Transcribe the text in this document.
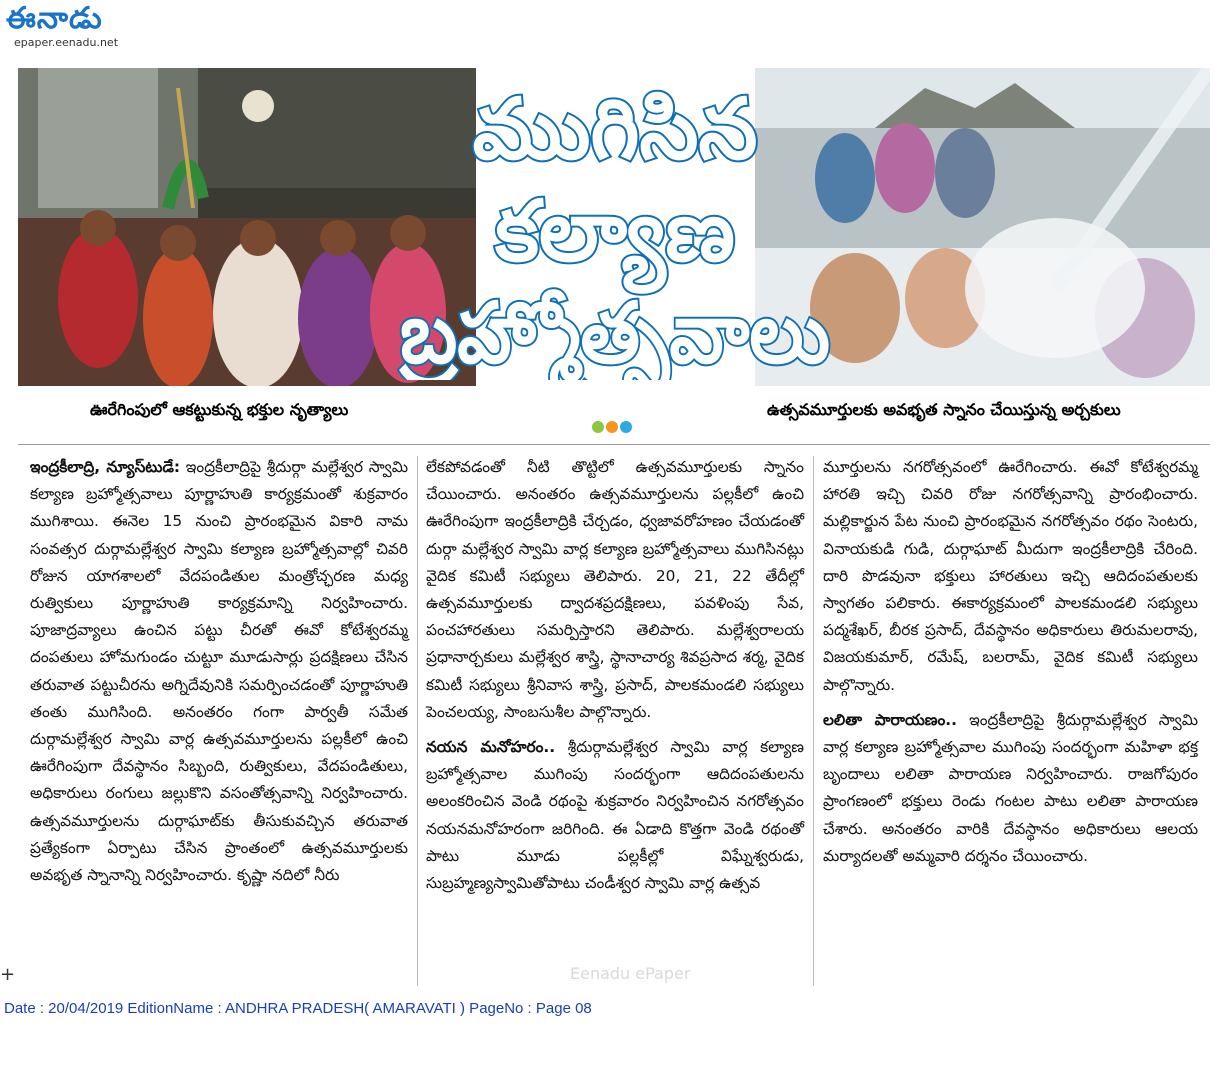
ఈనాడు
epaper.eenadu.net
ముగిసిన
కల్యాణ
బ్రహ్మోత్సవాలు
ఊరేగింపులో ఆకట్టుకున్న భక్తుల నృత్యాలు	ఉత్సవమూర్తులకు అవభృత స్నానం చేయిస్తున్న అర్చకులు

ఇంద్రకీలాద్రి, న్యూస్‌టుడే: ఇంద్రకీలాద్రిపై శ్రీదుర్గా మల్లేశ్వర స్వామి కల్యాణ బ్రహ్మోత్సవాలు పూర్ణాహుతి కార్యక్రమంతో శుక్రవారం ముగిశాయి. ఈనెల 15 నుంచి ప్రారంభమైన వికారి నామ సంవత్సర దుర్గామల్లేశ్వర స్వామి కల్యాణ బ్రహ్మోత్సవాల్లో చివరి రోజున యాగశాలలో వేదపండితుల మంత్రోచ్ఛరణ మధ్య రుత్వికులు పూర్ణాహుతి కార్యక్రమాన్ని నిర్వహించారు. పూజాద్రవ్యాలు ఉంచిన పట్టు చీరతో ఈవో కోటేశ్వరమ్మ దంపతులు హోమగుండం చుట్టూ మూడుసార్లు ప్రదక్షిణలు చేసిన తరువాత పట్టుచీరను అగ్నిదేవునికి సమర్పించడంతో పూర్ణాహుతి తంతు ముగిసింది. అనంతరం గంగా పార్వతీ సమేత దుర్గామల్లేశ్వర స్వామి వార్ల ఉత్సవమూర్తులను పల్లకీలో ఉంచి ఊరేగింపుగా దేవస్థానం సిబ్బంది, రుత్వికులు, వేదపండితులు, అధికారులు రంగులు జల్లుకొని వసంతోత్సవాన్ని నిర్వహించారు. ఉత్సవమూర్తులను దుర్గాఘాట్‌కు తీసుకువచ్చిన తరువాత ప్రత్యేకంగా ఏర్పాటు చేసిన ప్రాంతంలో ఉత్సవమూర్తులకు అవభృత స్నానాన్ని నిర్వహించారు. కృష్ణా నదిలో నీరు

లేకపోవడంతో నీటి తొట్టిలో ఉత్సవమూర్తులకు స్నానం చేయించారు. అనంతరం ఉత్సవమూర్తులను పల్లకీలో ఉంచి ఊరేగింపుగా ఇంద్రకీలాద్రికి చేర్చడం, ధ్వజావరోహణం చేయడంతో దుర్గా మల్లేశ్వర స్వామి వార్ల కల్యాణ బ్రహ్మోత్సవాలు ముగిసినట్లు వైదిక కమిటీ సభ్యులు తెలిపారు. 20, 21, 22 తేదీల్లో ఉత్సవమూర్తులకు ద్వాదశప్రదక్షిణలు, పవళింపు సేవ, పంచహారతులు సమర్పిస్తారని తెలిపారు. మల్లేశ్వరాలయ ప్రధానార్చకులు మల్లేశ్వర శాస్త్రి, స్థానాచార్య శివప్రసాద శర్మ, వైదిక కమిటీ సభ్యులు శ్రీనివాస శాస్త్రి, ప్రసాద్, పాలకమండలి సభ్యులు పెంచలయ్య, సాంబసుశీల పాల్గొన్నారు.

నయన మనోహరం.. శ్రీదుర్గామల్లేశ్వర స్వామి వార్ల కల్యాణ బ్రహ్మోత్సవాల ముగింపు సందర్భంగా ఆదిదంపతులను అలంకరించిన వెండి రథంపై శుక్రవారం నిర్వహించిన నగరోత్సవం నయనమనోహరంగా జరిగింది. ఈ ఏడాది కొత్తగా వెండి రథంతో పాటు మూడు పల్లకీల్లో విఘ్నేశ్వరుడు, సుబ్రహ్మణ్యస్వామితోపాటు చండీశ్వర స్వామి వార్ల ఉత్సవ

మూర్తులను నగరోత్సవంలో ఊరేగించారు. ఈవో కోటేశ్వరమ్మ హారతి ఇచ్చి చివరి రోజు నగరోత్సవాన్ని ప్రారంభించారు. మల్లికార్జున పేట నుంచి ప్రారంభమైన నగరోత్సవం రథం సెంటరు, వినాయకుడి గుడి, దుర్గాఘాట్ మీదుగా ఇంద్రకీలాద్రికి చేరింది. దారి పొడవునా భక్తులు హారతులు ఇచ్చి ఆదిదంపతులకు స్వాగతం పలికారు. ఈకార్యక్రమంలో పాలకమండలి సభ్యులు పద్మశేఖర్, బీరక ప్రసాద్, దేవస్థానం అధికారులు తిరుమలరావు, విజయకుమార్, రమేష్, బలరామ్, వైదిక కమిటీ సభ్యులు పాల్గొన్నారు.

లలితా పారాయణం.. ఇంద్రకీలాద్రిపై శ్రీదుర్గామల్లేశ్వర స్వామి వార్ల కల్యాణ బ్రహ్మోత్సవాల ముగింపు సందర్భంగా మహిళా భక్త బృందాలు లలితా పారాయణ నిర్వహించారు. రాజగోపురం ప్రాంగణంలో భక్తులు రెండు గంటల పాటు లలితా పారాయణ చేశారు. అనంతరం వారికి దేవస్థానం అధికారులు ఆలయ మర్యాదలతో అమ్మవారి దర్శనం చేయించారు.

Eenadu ePaper
+
Date : 20/04/2019 EditionName : ANDHRA PRADESH( AMARAVATI ) PageNo : Page 08
